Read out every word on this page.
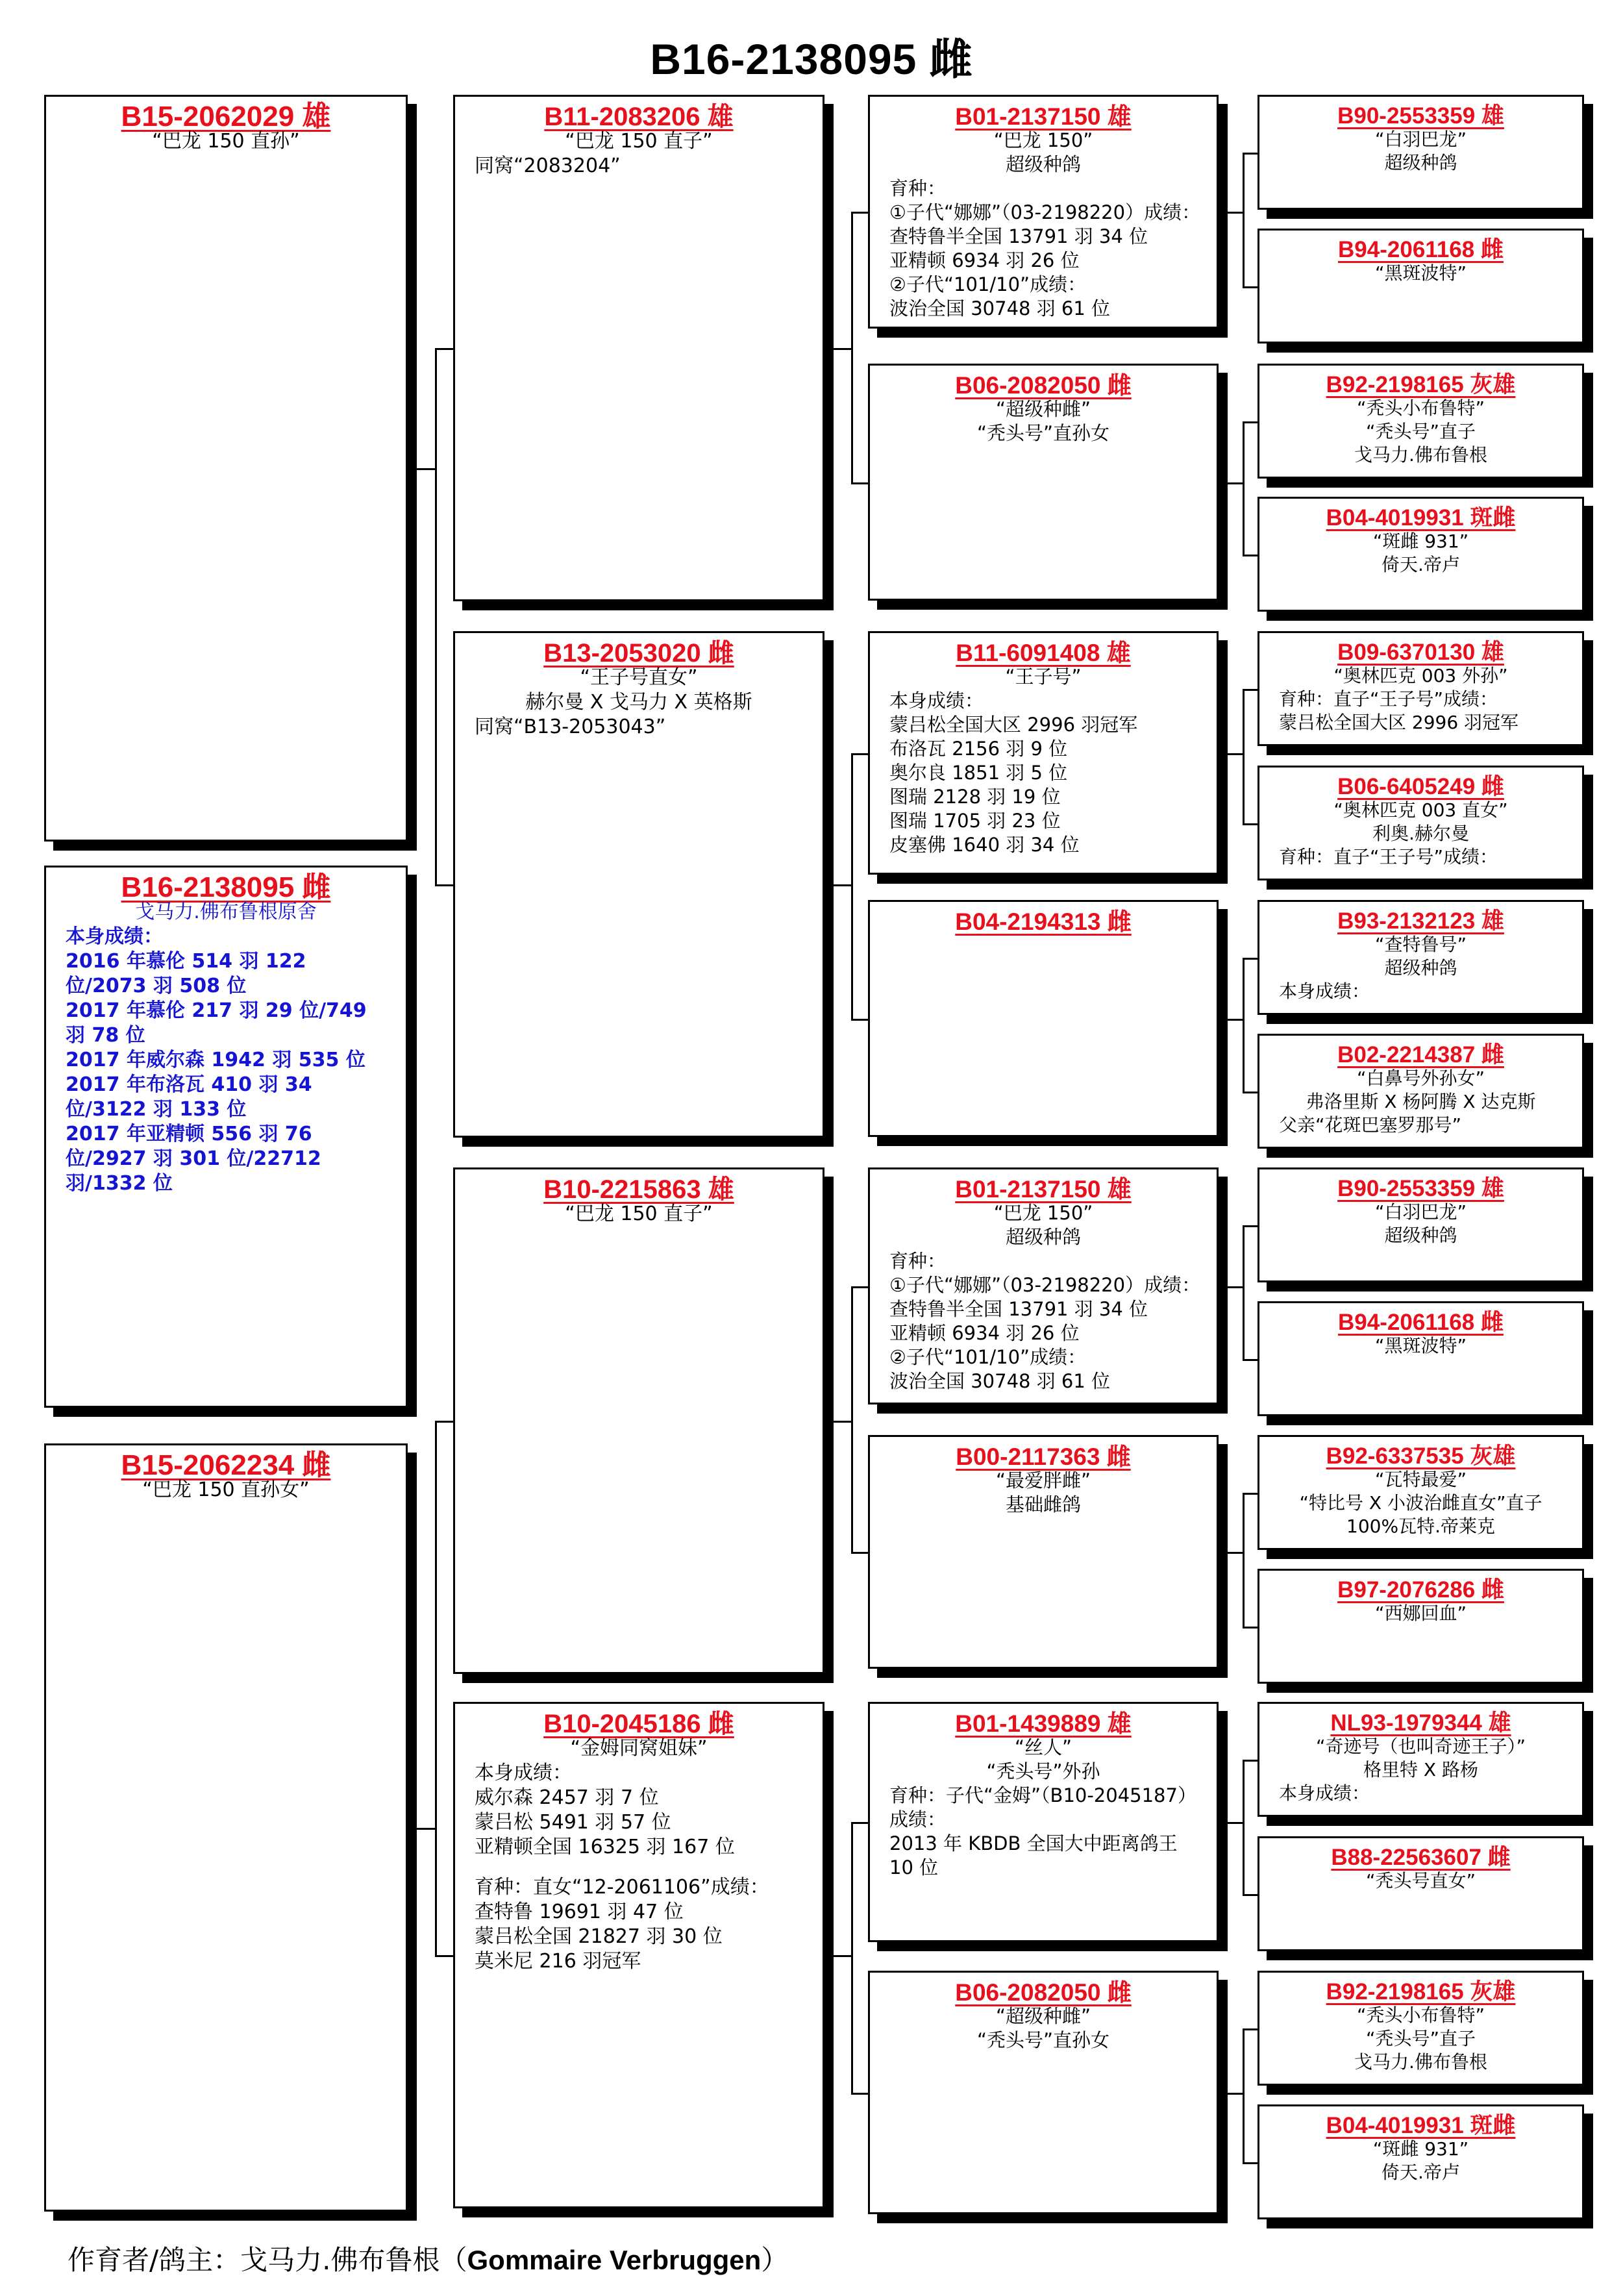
B16-2138095 雌
B15-2062029 雄
“巴龙 150 直孙”
B16-2138095 雌
戈马力.佛布鲁根原舍
本身成绩：
2016 年慕伦 514 羽 122 位/2073 羽 508 位
2017 年慕伦 217 羽 29 位/749 羽 78 位
2017 年威尔森 1942 羽 535 位
2017 年布洛瓦 410 羽 34 位/3122 羽 133 位
2017 年亚精顿 556 羽 76 位/2927 羽 301 位/22712 羽/1332 位
B15-2062234 雌
“巴龙 150 直孙女”
B11-2083206 雄
“巴龙 150 直子”
同窝“2083204”
B13-2053020 雌
“王子号直女”
赫尔曼 X 戈马力 X 英格斯
同窝“B13-2053043”
B10-2215863 雄
“巴龙 150 直子”
B10-2045186 雌
“金姆同窝姐妹”
本身成绩：
威尔森 2457 羽 7 位
蒙吕松 5491 羽 57 位
亚精顿全国 16325 羽 167 位
育种：直女“12-2061106”成绩：
查特鲁 19691 羽 47 位
蒙吕松全国 21827 羽 30 位
莫米尼 216 羽冠军
B01-2137150 雄
“巴龙 150”
超级种鸽
育种：
①子代“娜娜”（03-2198220）成绩：
查特鲁半全国 13791 羽 34 位
亚精顿 6934 羽 26 位
②子代“101/10”成绩：
波治全国 30748 羽 61 位
B06-2082050 雌
“超级种雌”
“秃头号”直孙女
B11-6091408 雄
“王子号”
本身成绩：
蒙吕松全国大区 2996 羽冠军
布洛瓦 2156 羽 9 位
奥尔良 1851 羽 5 位
图瑞 2128 羽 19 位
图瑞 1705 羽 23 位
皮塞佛 1640 羽 34 位
B04-2194313 雌
B01-2137150 雄
“巴龙 150”
超级种鸽
育种：
①子代“娜娜”（03-2198220）成绩：
查特鲁半全国 13791 羽 34 位
亚精顿 6934 羽 26 位
②子代“101/10”成绩：
波治全国 30748 羽 61 位
B00-2117363 雌
“最爱胖雌”
基础雌鸽
B01-1439889 雄
“丝人”
“秃头号”外孙
育种：子代“金姆”（B10-2045187）
成绩：
2013 年 KBDB 全国大中距离鸽王
10 位
B06-2082050 雌
“超级种雌”
“秃头号”直孙女
B90-2553359 雄
“白羽巴龙”
超级种鸽
B94-2061168 雌
“黑斑波特”
B92-2198165 灰雄
“秃头小布鲁特”
“秃头号”直子
戈马力.佛布鲁根
B04-4019931 斑雌
“斑雌 931”
倚天.帝卢
B09-6370130 雄
“奥林匹克 003 外孙”
育种：直子“王子号”成绩：
蒙吕松全国大区 2996 羽冠军
B06-6405249 雌
“奥林匹克 003 直女”
利奥.赫尔曼
育种：直子“王子号”成绩：
B93-2132123 雄
“查特鲁号”
超级种鸽
本身成绩：
B02-2214387 雌
“白鼻号外孙女”
弗洛里斯 X 杨阿腾 X 达克斯
父亲“花斑巴塞罗那号”
B90-2553359 雄
“白羽巴龙”
超级种鸽
B94-2061168 雌
“黑斑波特”
B92-6337535 灰雄
“瓦特最爱”
“特比号 X 小波治雌直女”直子
100%瓦特.帝莱克
B97-2076286 雌
“西娜回血”
NL93-1979344 雄
“奇迹号（也叫奇迹王子）”
格里特 X 路杨
本身成绩：
B88-22563607 雌
“秃头号直女”
B92-2198165 灰雄
“秃头小布鲁特”
“秃头号”直子
戈马力.佛布鲁根
B04-4019931 斑雌
“斑雌 931”
倚天.帝卢
作育者/鸽主：戈马力.佛布鲁根（Gommaire Verbruggen）
